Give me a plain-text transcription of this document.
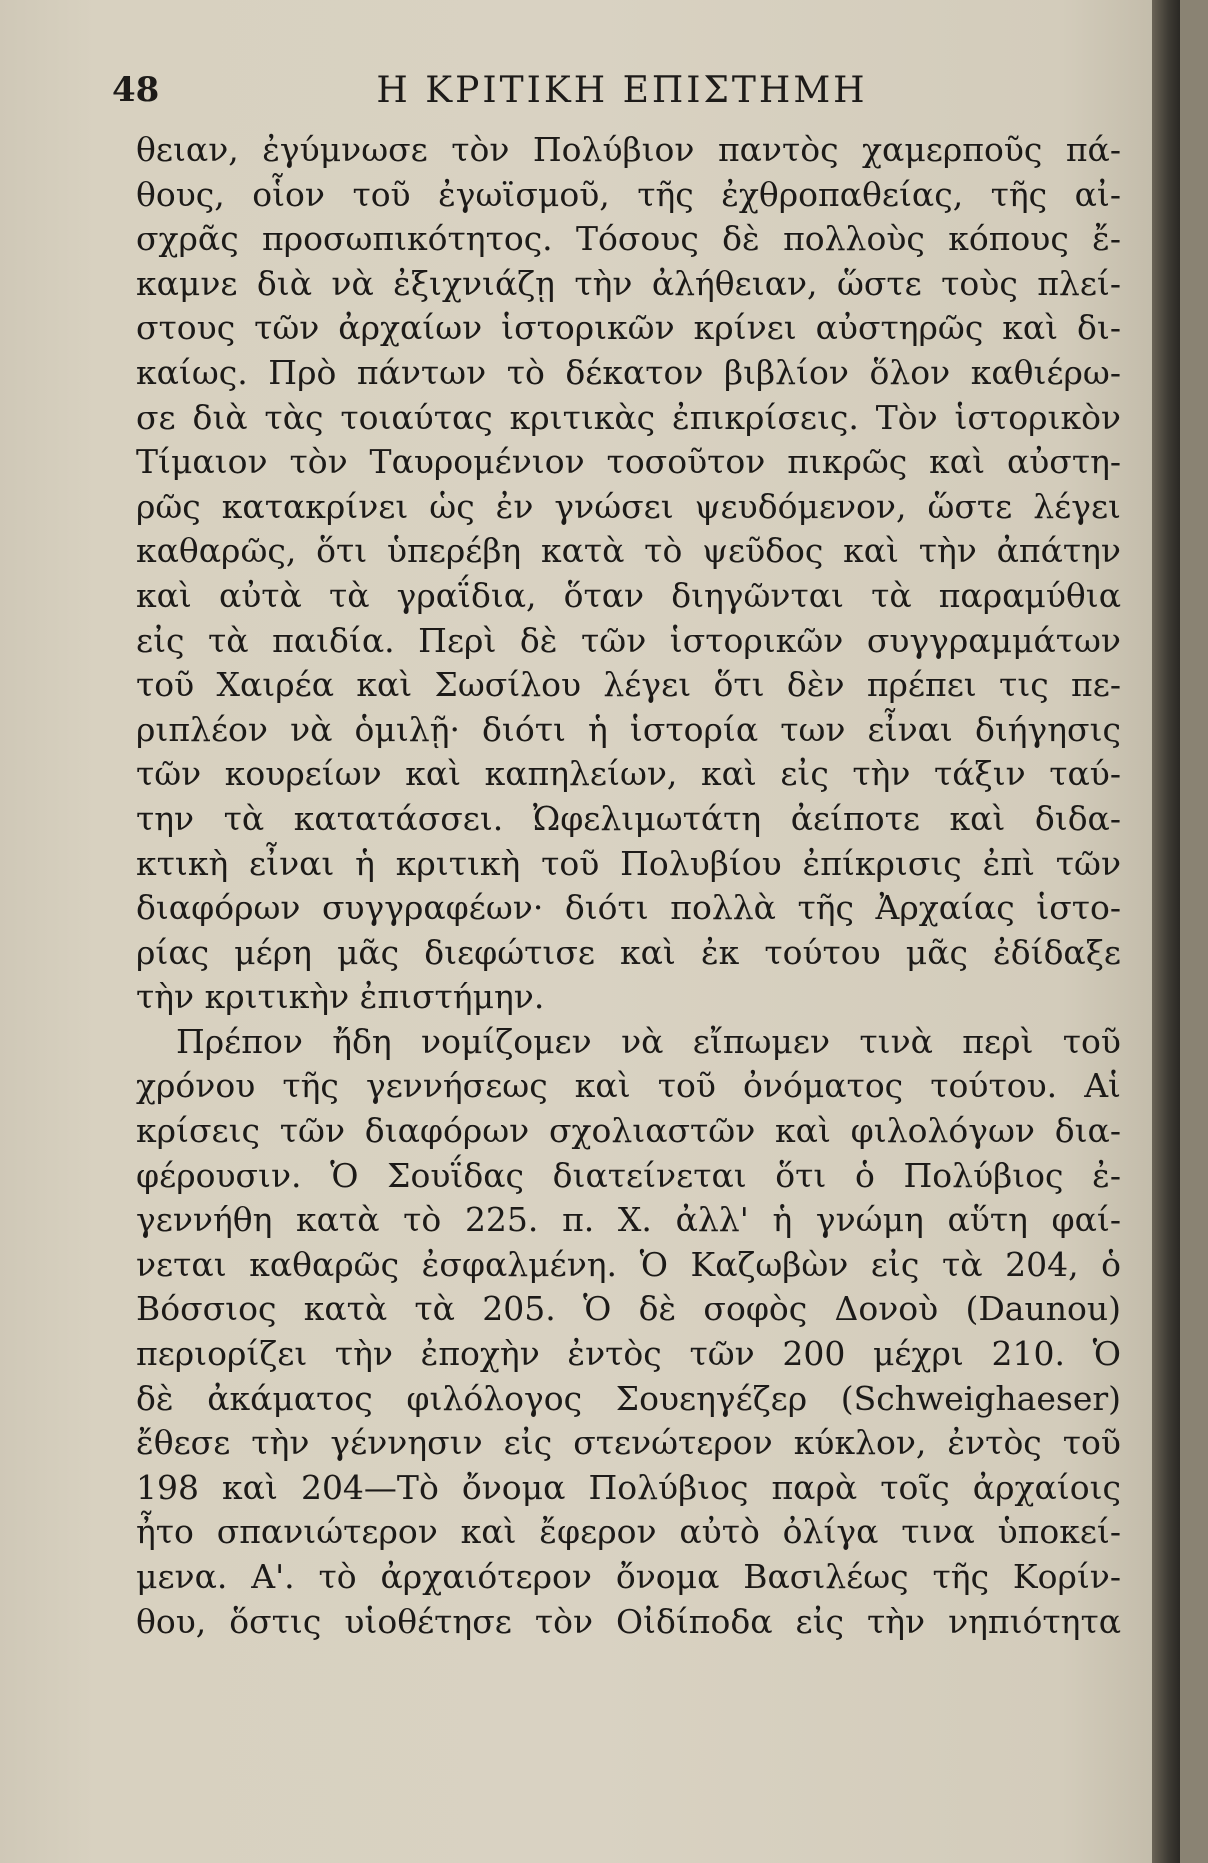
48	Η ΚΡΙΤΙΚΗ ΕΠΙΣΤΗΜΗ
θειαν, ἐγύμνωσε τὸν Πολύβιον παντὸς χαμερποῦς πά-
θους, οἷον τοῦ ἐγωϊσμοῦ, τῆς ἐχθροπαθείας, τῆς αἰ-
σχρᾶς προσωπικότητος. Τόσους δὲ πολλοὺς κόπους ἔ-
καμνε διὰ νὰ ἐξιχνιάζῃ τὴν ἀλήθειαν, ὥστε τοὺς πλεί-
στους τῶν ἀρχαίων ἱστορικῶν κρίνει αὐστηρῶς καὶ δι-
καίως. Πρὸ πάντων τὸ δέκατον βιβλίον ὅλον καθιέρω-
σε διὰ τὰς τοιαύτας κριτικὰς ἐπικρίσεις. Τὸν ἱστορικὸν
Τίμαιον τὸν Ταυρομένιον τοσοῦτον πικρῶς καὶ αὐστη-
ρῶς κατακρίνει ὡς ἐν γνώσει ψευδόμενον, ὥστε λέγει
καθαρῶς, ὅτι ὑπερέβη κατὰ τὸ ψεῦδος καὶ τὴν ἀπάτην
καὶ αὐτὰ τὰ γραΐδια, ὅταν διηγῶνται τὰ παραμύθια
εἰς τὰ παιδία. Περὶ δὲ τῶν ἱστορικῶν συγγραμμάτων
τοῦ Χαιρέα καὶ Σωσίλου λέγει ὅτι δὲν πρέπει τις πε-
ριπλέον νὰ ὁμιλῇ· διότι ἡ ἱστορία των εἶναι διήγησις
τῶν κουρείων καὶ καπηλείων, καὶ εἰς τὴν τάξιν ταύ-
την τὰ κατατάσσει. Ὠφελιμωτάτη ἀείποτε καὶ διδα-
κτικὴ εἶναι ἡ κριτικὴ τοῦ Πολυβίου ἐπίκρισις ἐπὶ τῶν
διαφόρων συγγραφέων· διότι πολλὰ τῆς Ἀρχαίας ἱστο-
ρίας μέρη μᾶς διεφώτισε καὶ ἐκ τούτου μᾶς ἐδίδαξε
τὴν κριτικὴν ἐπιστήμην.
Πρέπον ἤδη νομίζομεν νὰ εἴπωμεν τινὰ περὶ τοῦ
χρόνου τῆς γεννήσεως καὶ τοῦ ὀνόματος τούτου. Αἱ
κρίσεις τῶν διαφόρων σχολιαστῶν καὶ φιλολόγων δια-
φέρουσιν. Ὁ Σουΐδας διατείνεται ὅτι ὁ Πολύβιος ἐ-
γεννήθη κατὰ τὸ 225. π. Χ. ἀλλ' ἡ γνώμη αὕτη φαί-
νεται καθαρῶς ἐσφαλμένη. Ὁ Καζωβὼν εἰς τὰ 204, ὁ
Βόσσιος κατὰ τὰ 205. Ὁ δὲ σοφὸς Δονοὺ (Daunou)
περιορίζει τὴν ἐποχὴν ἐντὸς τῶν 200 μέχρι 210. Ὁ
δὲ ἀκάματος φιλόλογος Σουεηγέζερ (Schweighaeser)
ἔθεσε τὴν γέννησιν εἰς στενώτερον κύκλον, ἐντὸς τοῦ
198 καὶ 204—Τὸ ὄνομα Πολύβιος παρὰ τοῖς ἀρχαίοις
ἦτο σπανιώτερον καὶ ἔφερον αὐτὸ ὀλίγα τινα ὑποκεί-
μενα. Α'. τὸ ἀρχαιότερον ὄνομα Βασιλέως τῆς Κορίν-
θου, ὅστις υἱοθέτησε τὸν Οἰδίποδα εἰς τὴν νηπιότητα
